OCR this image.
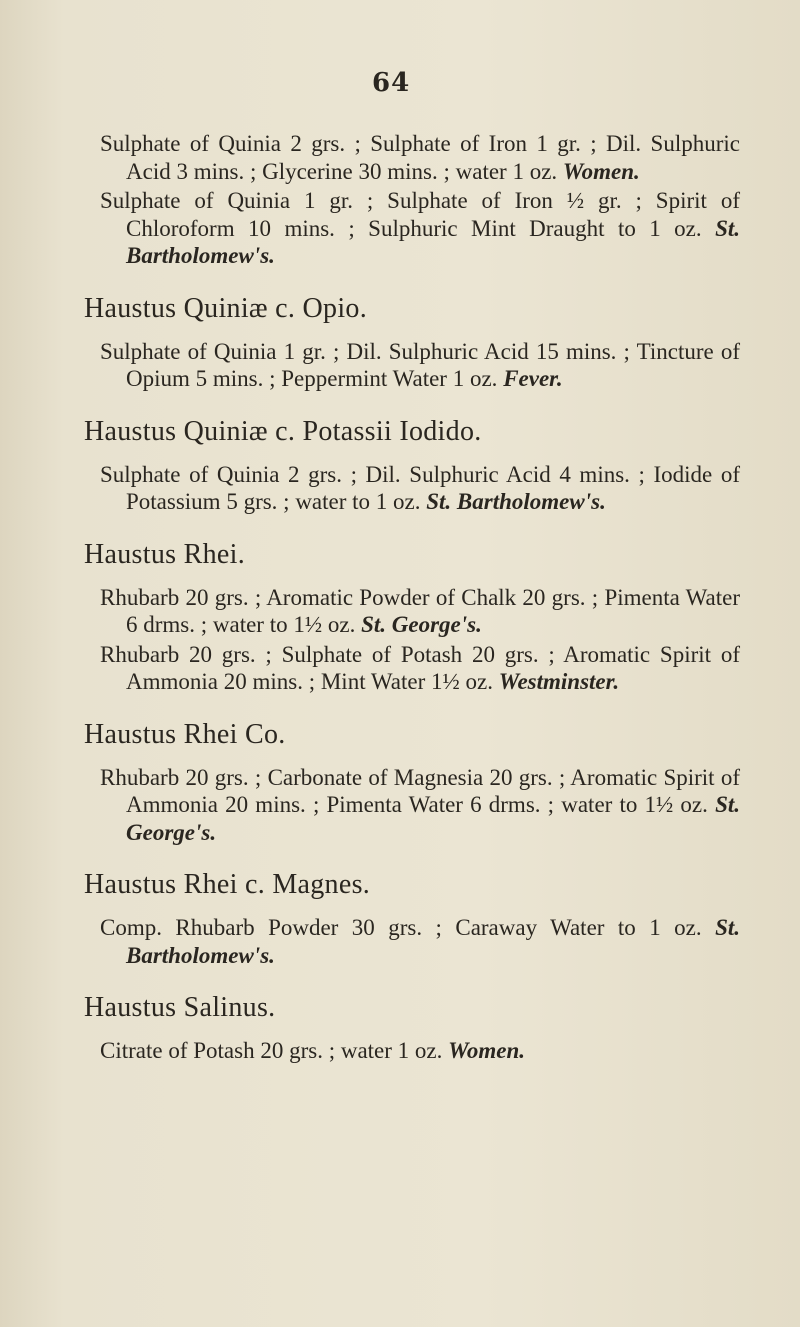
64

Sulphate of Quinia 2 grs. ; Sulphate of Iron 1 gr. ; Dil. Sulphuric Acid 3 mins. ; Glycerine 30 mins. ; water 1 oz. Women.

Sulphate of Quinia 1 gr. ; Sulphate of Iron ½ gr. ; Spirit of Chloroform 10 mins. ; Sulphuric Mint Draught to 1 oz. St. Bartholomew's.

Haustus Quiniæ c. Opio.

Sulphate of Quinia 1 gr. ; Dil. Sulphuric Acid 15 mins. ; Tincture of Opium 5 mins. ; Peppermint Water 1 oz. Fever.

Haustus Quiniæ c. Potassii Iodido.

Sulphate of Quinia 2 grs. ; Dil. Sulphuric Acid 4 mins. ; Iodide of Potassium 5 grs. ; water to 1 oz. St. Bartholomew's.

Haustus Rhei.

Rhubarb 20 grs. ; Aromatic Powder of Chalk 20 grs. ; Pimenta Water 6 drms. ; water to 1½ oz. St. George's.

Rhubarb 20 grs. ; Sulphate of Potash 20 grs. ; Aromatic Spirit of Ammonia 20 mins. ; Mint Water 1½ oz. Westminster.

Haustus Rhei Co.

Rhubarb 20 grs. ; Carbonate of Magnesia 20 grs. ; Aromatic Spirit of Ammonia 20 mins. ; Pimenta Water 6 drms. ; water to 1½ oz. St. George's.

Haustus Rhei c. Magnes.

Comp. Rhubarb Powder 30 grs. ; Caraway Water to 1 oz. St. Bartholomew's.

Haustus Salinus.

Citrate of Potash 20 grs. ; water 1 oz. Women.
